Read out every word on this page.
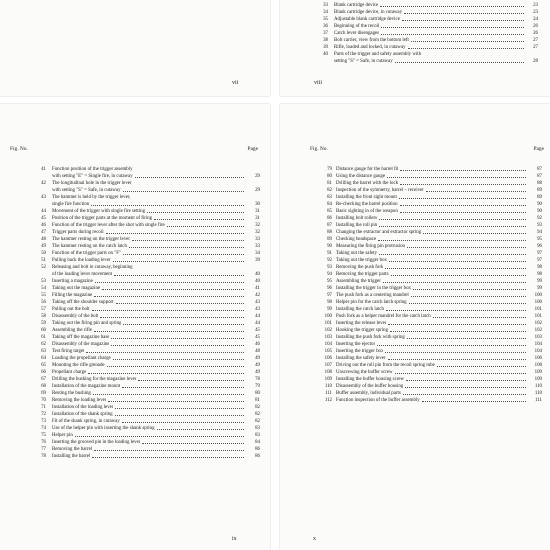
vii
33 Blank cartridge device	23
34 Blank cartridge device, in cutaway	23
35 Adjustable blank cartridge device	24
36 Beginning of the recoil	26
37 Catch lever disengages	26
38 Bolt carrier, view from the bottom left	27
39 Rifle, loaded and locked, in cutaway	27
40 Parts of the trigger and safety assembly with
setting "S" = Safe, in cutaway	28
viii
Fig. No.	Page
41 Function position of the trigger assembly
with setting "E" = Single fire, in cutaway	29
42 The longitudinal hole in the trigger lever
with setting "S" = Safe, in cutaway	29
43 The hammer is held by the trigger lever,
single fire function	30
44 Movement of the trigger with single fire setting	31
45 Position of the trigger parts at the moment of firing	31
46 Function of the trigger lever after the shot with single fire	32
47 Trigger parts during recoil	32
48 The hammer resting on the trigger lever	33
49 The hammer resting on the catch latch	33
50 Function of the trigger parts on "F"	34
51 Pulling back the loading lever	39
52 Releasing and bolt in cutaway, beginning
of the loading lever movement	40
53 Inserting a magazine	40
54 Taking out the magazine	41
55 Filling the magazine	42
56 Taking off the shoulder support	43
57 Pulling out the bolt	43
58 Disassembly of the bolt	44
59 Taking out the firing pin and spring	44
60 Assembling the rifle	45
61 Taking off the magazine base	45
62 Disassembly of the magazine	46
63 Test firing target	48
64 Loading the propellant charge	49
65 Mounting the rifle grenade	49
66 Propellant charge	49
67 Drilling the bushing for the magazine lever	78
68 Installation of the magazine mount	79
69 Resting the bushing	80
70 Removing the loading lever	81
71 Installation of the loading lever	82
72 Installation of the shank spring	82
73 Fit of the shank spring, in cutaway	82
74 Use of the helper pin with inserting the shank spring	83
75 Helper pin	83
76 Inserting the grooved pin in the loading lever	84
77 Removing the barrel	86
78 Installing the barrel	86
ix
Fig. No.	Page
79 Distance gauge for the barrel fit	87
80 Using the distance gauge	87
81 Drilling the barrel with the lock	88
82 Inspection of the symmetry, barrel – receiver	89
83 Installing the front sight mount	89
84 Re-checking the barrel position	90
85 Basic sighting in of the weapon	90
86 Installing bolt rollers	92
87 Installing the roll pin	93
88 Changing the extractor and extractor spring	94
89 Checking headspace	95
90 Measuring the firing pin protrusion	96
91 Taking out the safety	97
92 Taking out the trigger box	97
93 Removing the push fork	98
94 Removing the trigger parts	98
95 Assembling the trigger	99
96 Installing the trigger in the trigger box	99
97 The push fork as a centering mandrel	100
98 Helper pin for the catch latch spring	100
99 Installing the catch latch	101
100 Push fork as a helper mandrel for the catch latch	101
101 Inserting the release lever	102
102 Hooking the trigger spring	102
103 Installing the push fork with spring	103
104 Inserting the ejector	104
105 Inserting the trigger box	104
106 Installing the safety lever	106
107 Driving out the roll pin from the recoil spring tube	108
108 Unscrewing the buffer screw	109
109 Installing the buffer housing screw	109
110 Disassembly of the buffer housing	110
111 Buffer assembly, individual parts	110
112 Function inspection of the buffer assembly	111
x
